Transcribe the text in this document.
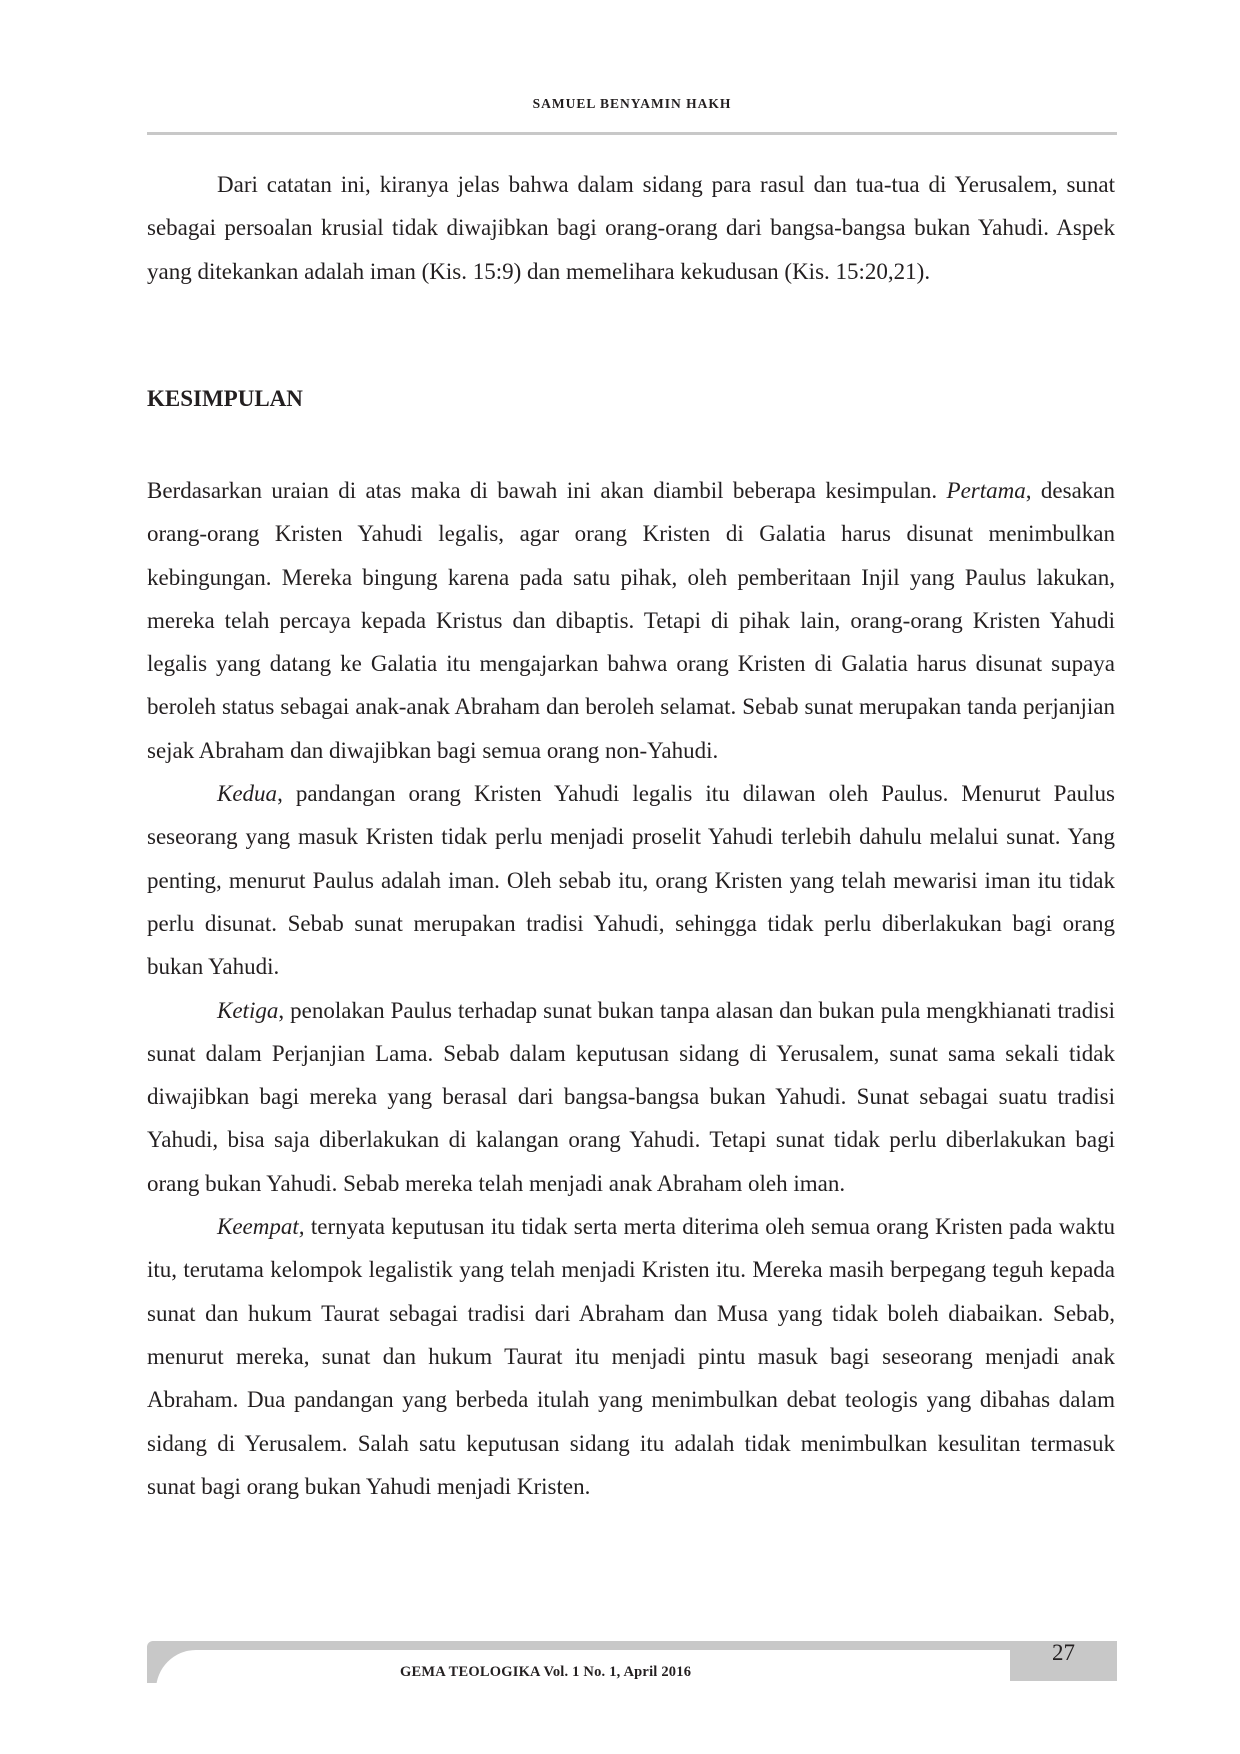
SAMUEL BENYAMIN HAKH

Dari catatan ini, kiranya jelas bahwa dalam sidang para rasul dan tua-tua di Yerusalem, sunat sebagai persoalan krusial tidak diwajibkan bagi orang-orang dari bangsa-bangsa bukan Yahudi. Aspek yang ditekankan adalah iman (Kis. 15:9) dan memelihara kekudusan (Kis. 15:20,21).

KESIMPULAN

Berdasarkan uraian di atas maka di bawah ini akan diambil beberapa kesimpulan. Pertama, desakan orang-orang Kristen Yahudi legalis, agar orang Kristen di Galatia harus disunat menimbulkan kebingungan. Mereka bingung karena pada satu pihak, oleh pemberitaan Injil yang Paulus lakukan, mereka telah percaya kepada Kristus dan dibaptis. Tetapi di pihak lain, orang-orang Kristen Yahudi legalis yang datang ke Galatia itu mengajarkan bahwa orang Kristen di Galatia harus disunat supaya beroleh status sebagai anak-anak Abraham dan beroleh selamat. Sebab sunat merupakan tanda perjanjian sejak Abraham dan diwajibkan bagi semua orang non-Yahudi.

Kedua, pandangan orang Kristen Yahudi legalis itu dilawan oleh Paulus. Menurut Paulus seseorang yang masuk Kristen tidak perlu menjadi proselit Yahudi terlebih dahulu melalui sunat. Yang penting, menurut Paulus adalah iman. Oleh sebab itu, orang Kristen yang telah mewarisi iman itu tidak perlu disunat. Sebab sunat merupakan tradisi Yahudi, sehingga tidak perlu diberlakukan bagi orang bukan Yahudi.

Ketiga, penolakan Paulus terhadap sunat bukan tanpa alasan dan bukan pula mengkhianati tradisi sunat dalam Perjanjian Lama. Sebab dalam keputusan sidang di Yerusalem, sunat sama sekali tidak diwajibkan bagi mereka yang berasal dari bangsa-bangsa bukan Yahudi. Sunat sebagai suatu tradisi Yahudi, bisa saja diberlakukan di kalangan orang Yahudi. Tetapi sunat tidak perlu diberlakukan bagi orang bukan Yahudi. Sebab mereka telah menjadi anak Abraham oleh iman.

Keempat, ternyata keputusan itu tidak serta merta diterima oleh semua orang Kristen pada waktu itu, terutama kelompok legalistik yang telah menjadi Kristen itu. Mereka masih berpegang teguh kepada sunat dan hukum Taurat sebagai tradisi dari Abraham dan Musa yang tidak boleh diabaikan. Sebab, menurut mereka, sunat dan hukum Taurat itu menjadi pintu masuk bagi seseorang menjadi anak Abraham. Dua pandangan yang berbeda itulah yang menimbulkan debat teologis yang dibahas dalam sidang di Yerusalem. Salah satu keputusan sidang itu adalah tidak menimbulkan kesulitan termasuk sunat bagi orang bukan Yahudi menjadi Kristen.

GEMA TEOLOGIKA Vol. 1 No. 1, April 2016
27
